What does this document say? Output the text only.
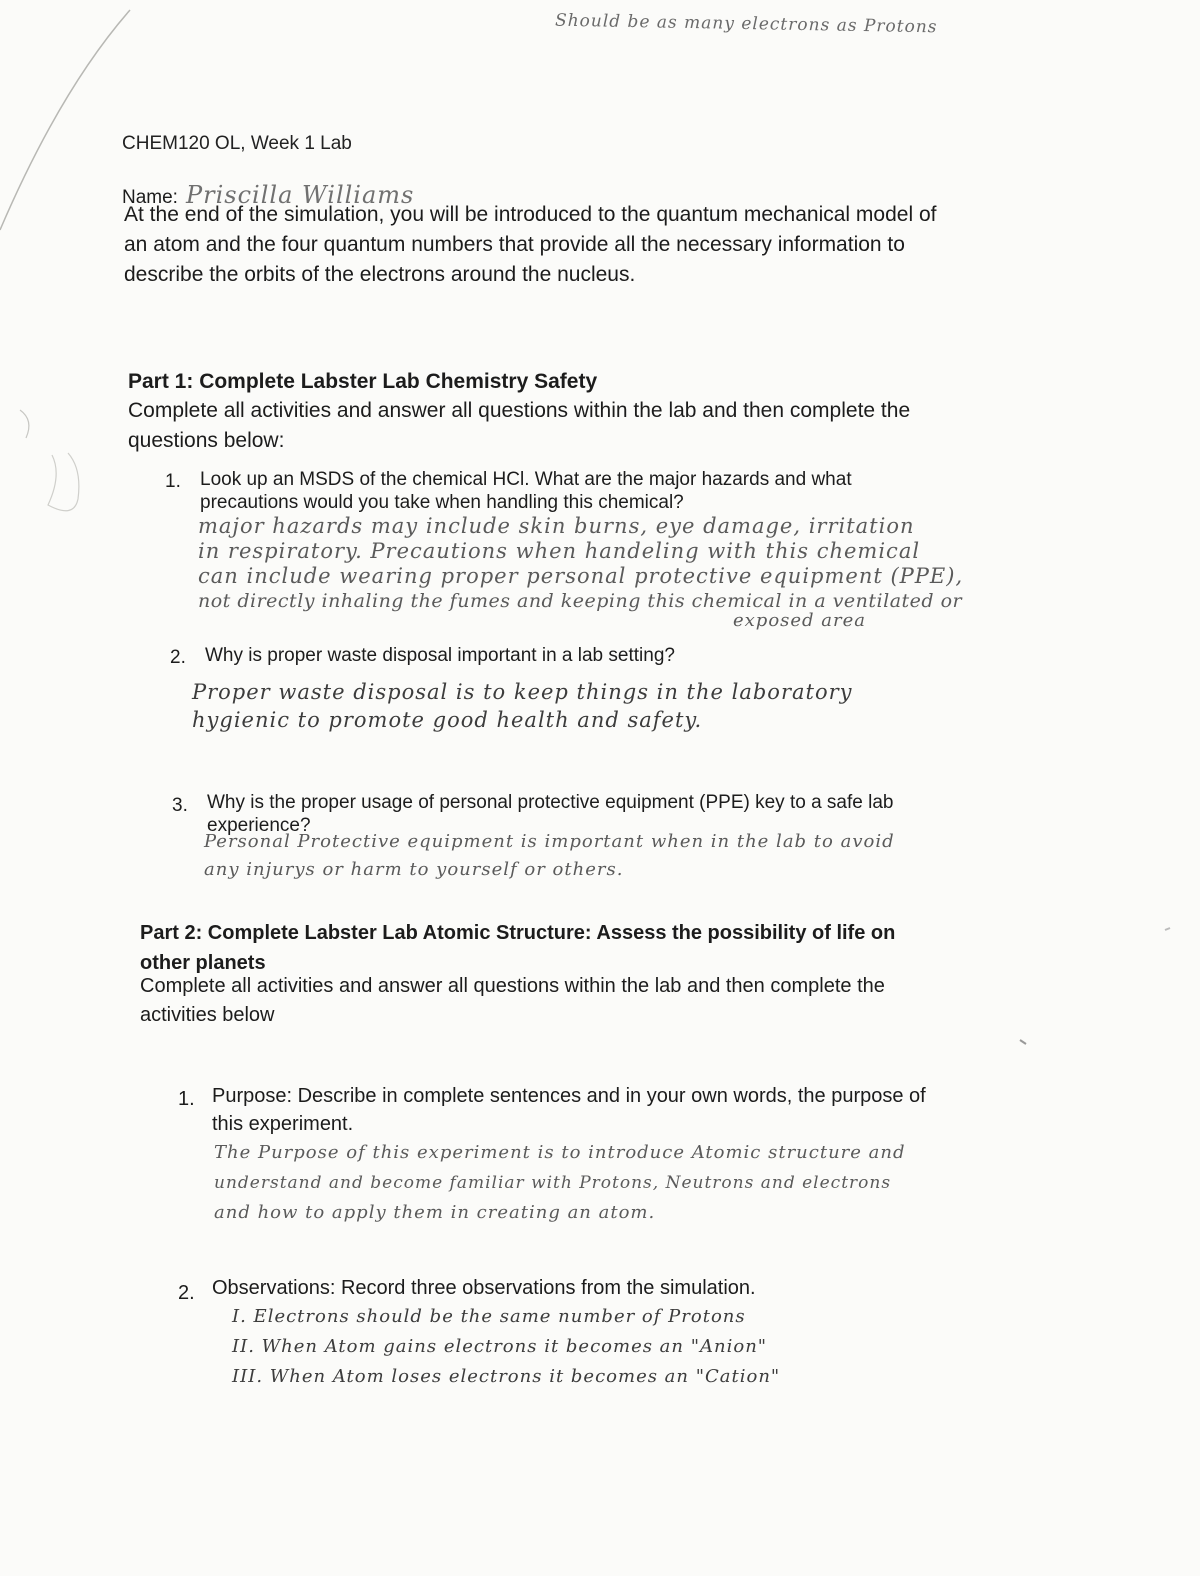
Should be as many electrons as Protons
CHEM120 OL, Week 1 Lab
Name: Priscilla Williams
At the end of the simulation, you will be introduced to the quantum mechanical model of
an atom and the four quantum numbers that provide all the necessary information to
describe the orbits of the electrons around the nucleus.
Part 1: Complete Labster Lab Chemistry Safety
Complete all activities and answer all questions within the lab and then complete the
questions below:
1. Look up an MSDS of the chemical HCl. What are the major hazards and what
precautions would you take when handling this chemical?
major hazards may include skin burns, eye damage, irritation
in respiratory. Precautions when handeling with this chemical
can include wearing proper personal protective equipment (PPE),
not directly inhaling the fumes and keeping this chemical in a ventilated or
exposed area
2. Why is proper waste disposal important in a lab setting?
Proper waste disposal is to keep things in the laboratory
hygienic to promote good health and safety.
3. Why is the proper usage of personal protective equipment (PPE) key to a safe lab
experience?
Personal Protective equipment is important when in the lab to avoid
any injurys or harm to yourself or others.
Part 2: Complete Labster Lab Atomic Structure: Assess the possibility of life on
other planets
Complete all activities and answer all questions within the lab and then complete the
activities below
1. Purpose: Describe in complete sentences and in your own words, the purpose of
this experiment.
The Purpose of this experiment is to introduce Atomic structure and
understand and become familiar with Protons, Neutrons and electrons
and how to apply them in creating an atom.
2. Observations: Record three observations from the simulation.
I. Electrons should be the same number of Protons
II. When Atom gains electrons it becomes an "Anion"
III. When Atom loses electrons it becomes an "Cation"
